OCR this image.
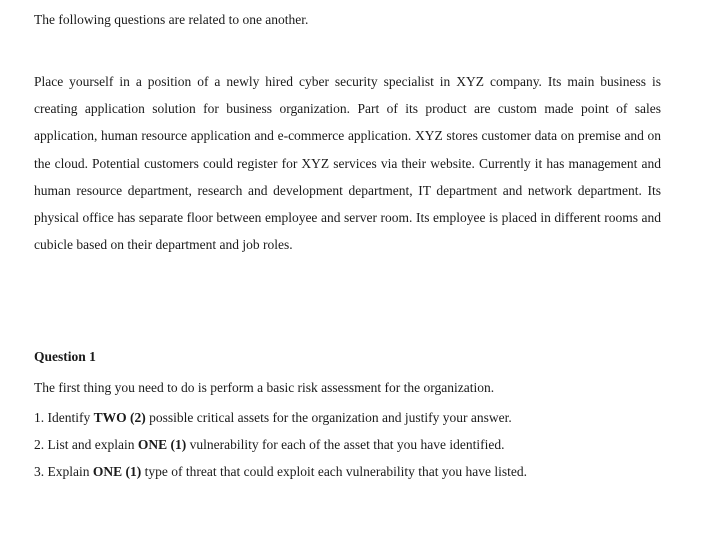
The following questions are related to one another.

Place yourself in a position of a newly hired cyber security specialist in XYZ company. Its main business is creating application solution for business organization. Part of its product are custom made point of sales application, human resource application and e-commerce application. XYZ stores customer data on premise and on the cloud. Potential customers could register for XYZ services via their website. Currently it has management and human resource department, research and development department, IT department and network department. Its physical office has separate floor between employee and server room. Its employee is placed in different rooms and cubicle based on their department and job roles.

Question 1

The first thing you need to do is perform a basic risk assessment for the organization.

1. Identify TWO (2) possible critical assets for the organization and justify your answer.
2. List and explain ONE (1) vulnerability for each of the asset that you have identified.
3. Explain ONE (1) type of threat that could exploit each vulnerability that you have listed.
